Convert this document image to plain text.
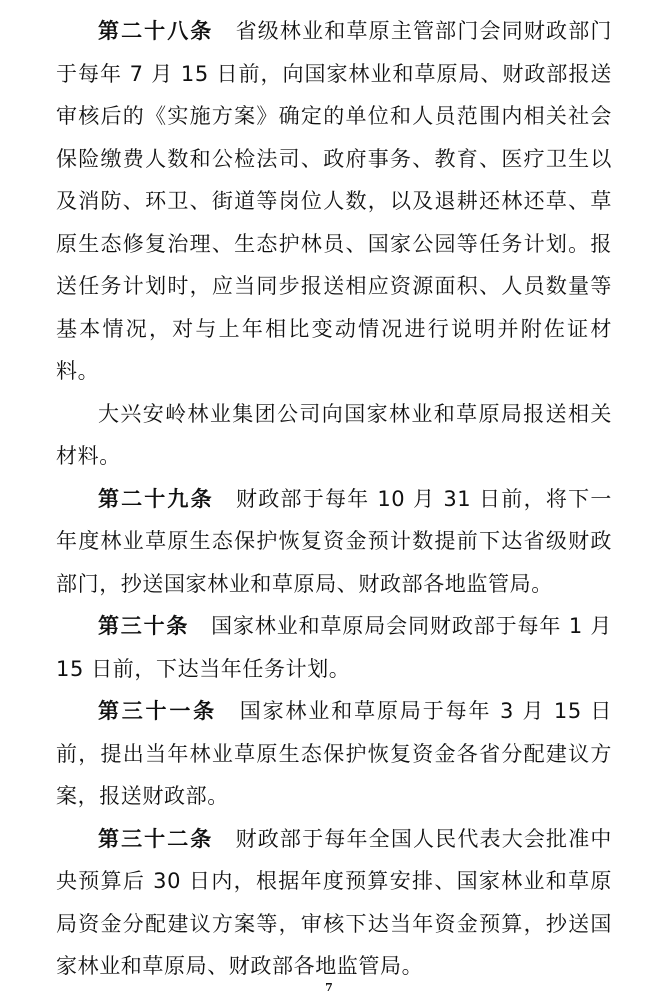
第二十八条　 省级林业和草原主管部门会同财政部门于每年 7 月 15 日前，向国家林业和草原局、财政部报送审核后的《实施方案》确定的单位和人员范围内相关社会保险缴费人数和公检法司、政府事务、教育、医疗卫生以及消防、环卫、街道等岗位人数，以及退耕还林还草、草原生态修复治理、生态护林员、国家公园等任务计划。报送任务计划时，应当同步报送相应资源面积、人员数量等基本情况，对与上年相比变动情况进行说明并附佐证材料。

大兴安岭林业集团公司向国家林业和草原局报送相关材料。

第二十九条　 财政部于每年 10 月 31 日前，将下一年度林业草原生态保护恢复资金预计数提前下达省级财政部门，抄送国家林业和草原局、财政部各地监管局。

第三十条　 国家林业和草原局会同财政部于每年 1 月 15 日前，下达当年任务计划。

第三十一条　 国家林业和草原局于每年 3 月 15 日前，提出当年林业草原生态保护恢复资金各省分配建议方案，报送财政部。

第三十二条　 财政部于每年全国人民代表大会批准中央预算后 30 日内，根据年度预算安排、国家林业和草原局资金分配建议方案等，审核下达当年资金预算，抄送国家林业和草原局、财政部各地监管局。

7
